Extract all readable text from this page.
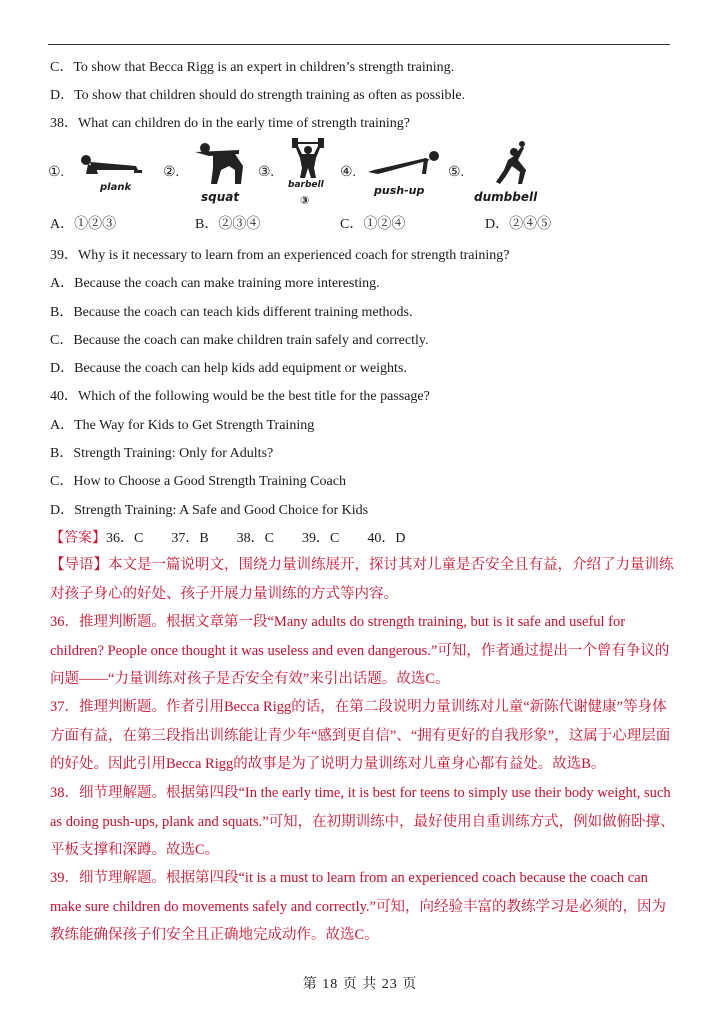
C．To show that Becca Rigg is an expert in children’s strength training.
D．To show that children should do strength training as often as possible.
38．What can children do in the early time of strength training?
①.
plank
②.
squat
③.
barbell
③
④.
push-up
⑤.
dumbbell
A．①②③	B．②③④	C．①②④	D．②④⑤
39．Why is it necessary to learn from an experienced coach for strength training?
A．Because the coach can make training more interesting.
B．Because the coach can teach kids different training methods.
C．Because the coach can make children train safely and correctly.
D．Because the coach can help kids add equipment or weights.
40．Which of the following would be the best title for the passage?
A．The Way for Kids to Get Strength Training
B．Strength Training: Only for Adults?
C．How to Choose a Good Strength Training Coach
D．Strength Training: A Safe and Good Choice for Kids
【答案】36．C　　37．B　　38．C　　39．C　　40．D
【导语】本文是一篇说明文，围绕力量训练展开，探讨其对儿童是否安全且有益，介绍了力量训练对孩子身心的好处、孩子开展力量训练的方式等内容。
36．推理判断题。根据文章第一段“Many adults do strength training, but is it safe and useful for children? People once thought it was useless and even dangerous.”可知，作者通过提出一个曾有争议的问题——“力量训练对孩子是否安全有效”来引出话题。故选C。
37．推理判断题。作者引用Becca Rigg的话，在第二段说明力量训练对儿童“新陈代谢健康”等身体方面有益，在第三段指出训练能让青少年“感到更自信”、“拥有更好的自我形象”，这属于心理层面的好处。因此引用Becca Rigg的故事是为了说明力量训练对儿童身心都有益处。故选B。
38．细节理解题。根据第四段“In the early time, it is best for teens to simply use their body weight, such as doing push-ups, plank and squats.”可知，在初期训练中，最好使用自重训练方式，例如做俯卧撑、平板支撑和深蹲。故选C。
39．细节理解题。根据第四段“it is a must to learn from an experienced coach because the coach can make sure children do movements safely and correctly.”可知，向经验丰富的教练学习是必须的，因为教练能确保孩子们安全且正确地完成动作。故选C。
第 18 页 共 23 页
